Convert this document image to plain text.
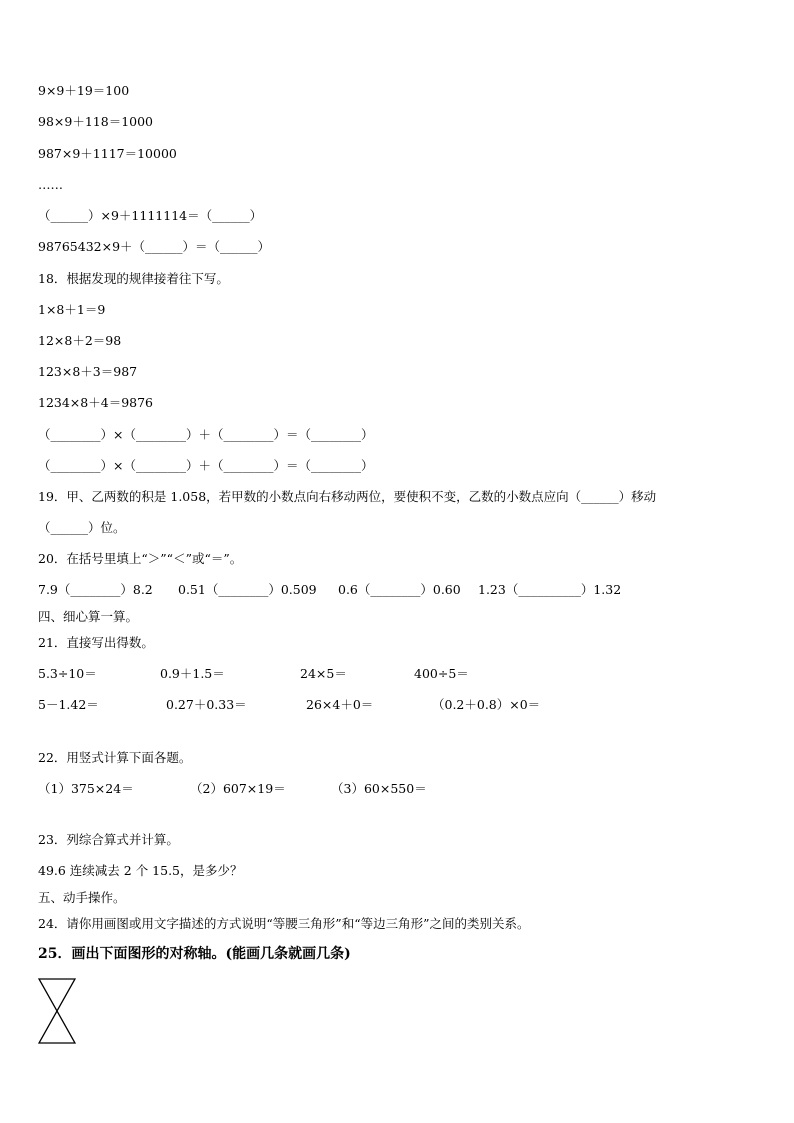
9×9＋19＝100
98×9＋118＝1000
987×9＋1117＝10000
……
（______）×9＋1111114＝（______）
98765432×9＋（______）＝（______）
18．根据发现的规律接着往下写。
1×8＋1＝9
12×8＋2＝98
123×8＋3＝987
1234×8＋4＝9876
（________）×（________）＋（________）＝（________）
（________）×（________）＋（________）＝（________）
19．甲、乙两数的积是 1.058，若甲数的小数点向右移动两位，要使积不变，乙数的小数点应向（______）移动
（______）位。
20．在括号里填上“＞”“＜”或“＝”。
7.9（________）8.2 0.51（________）0.509 0.6（________）0.60 1.23（__________）1.32
四、细心算一算。
21．直接写出得数。
5.3÷10＝	0.9＋1.5＝	24×5＝	400÷5＝
5－1.42＝	0.27＋0.33＝	26×4＋0＝	（0.2＋0.8）×0＝
22．用竖式计算下面各题。
（1）375×24＝	（2）607×19＝	（3）60×550＝
23．列综合算式并计算。
49.6 连续减去 2 个 15.5，是多少？
五、动手操作。
24．请你用画图或用文字描述的方式说明“等腰三角形”和“等边三角形”之间的类别关系。
25．画出下面图形的对称轴。(能画几条就画几条)
